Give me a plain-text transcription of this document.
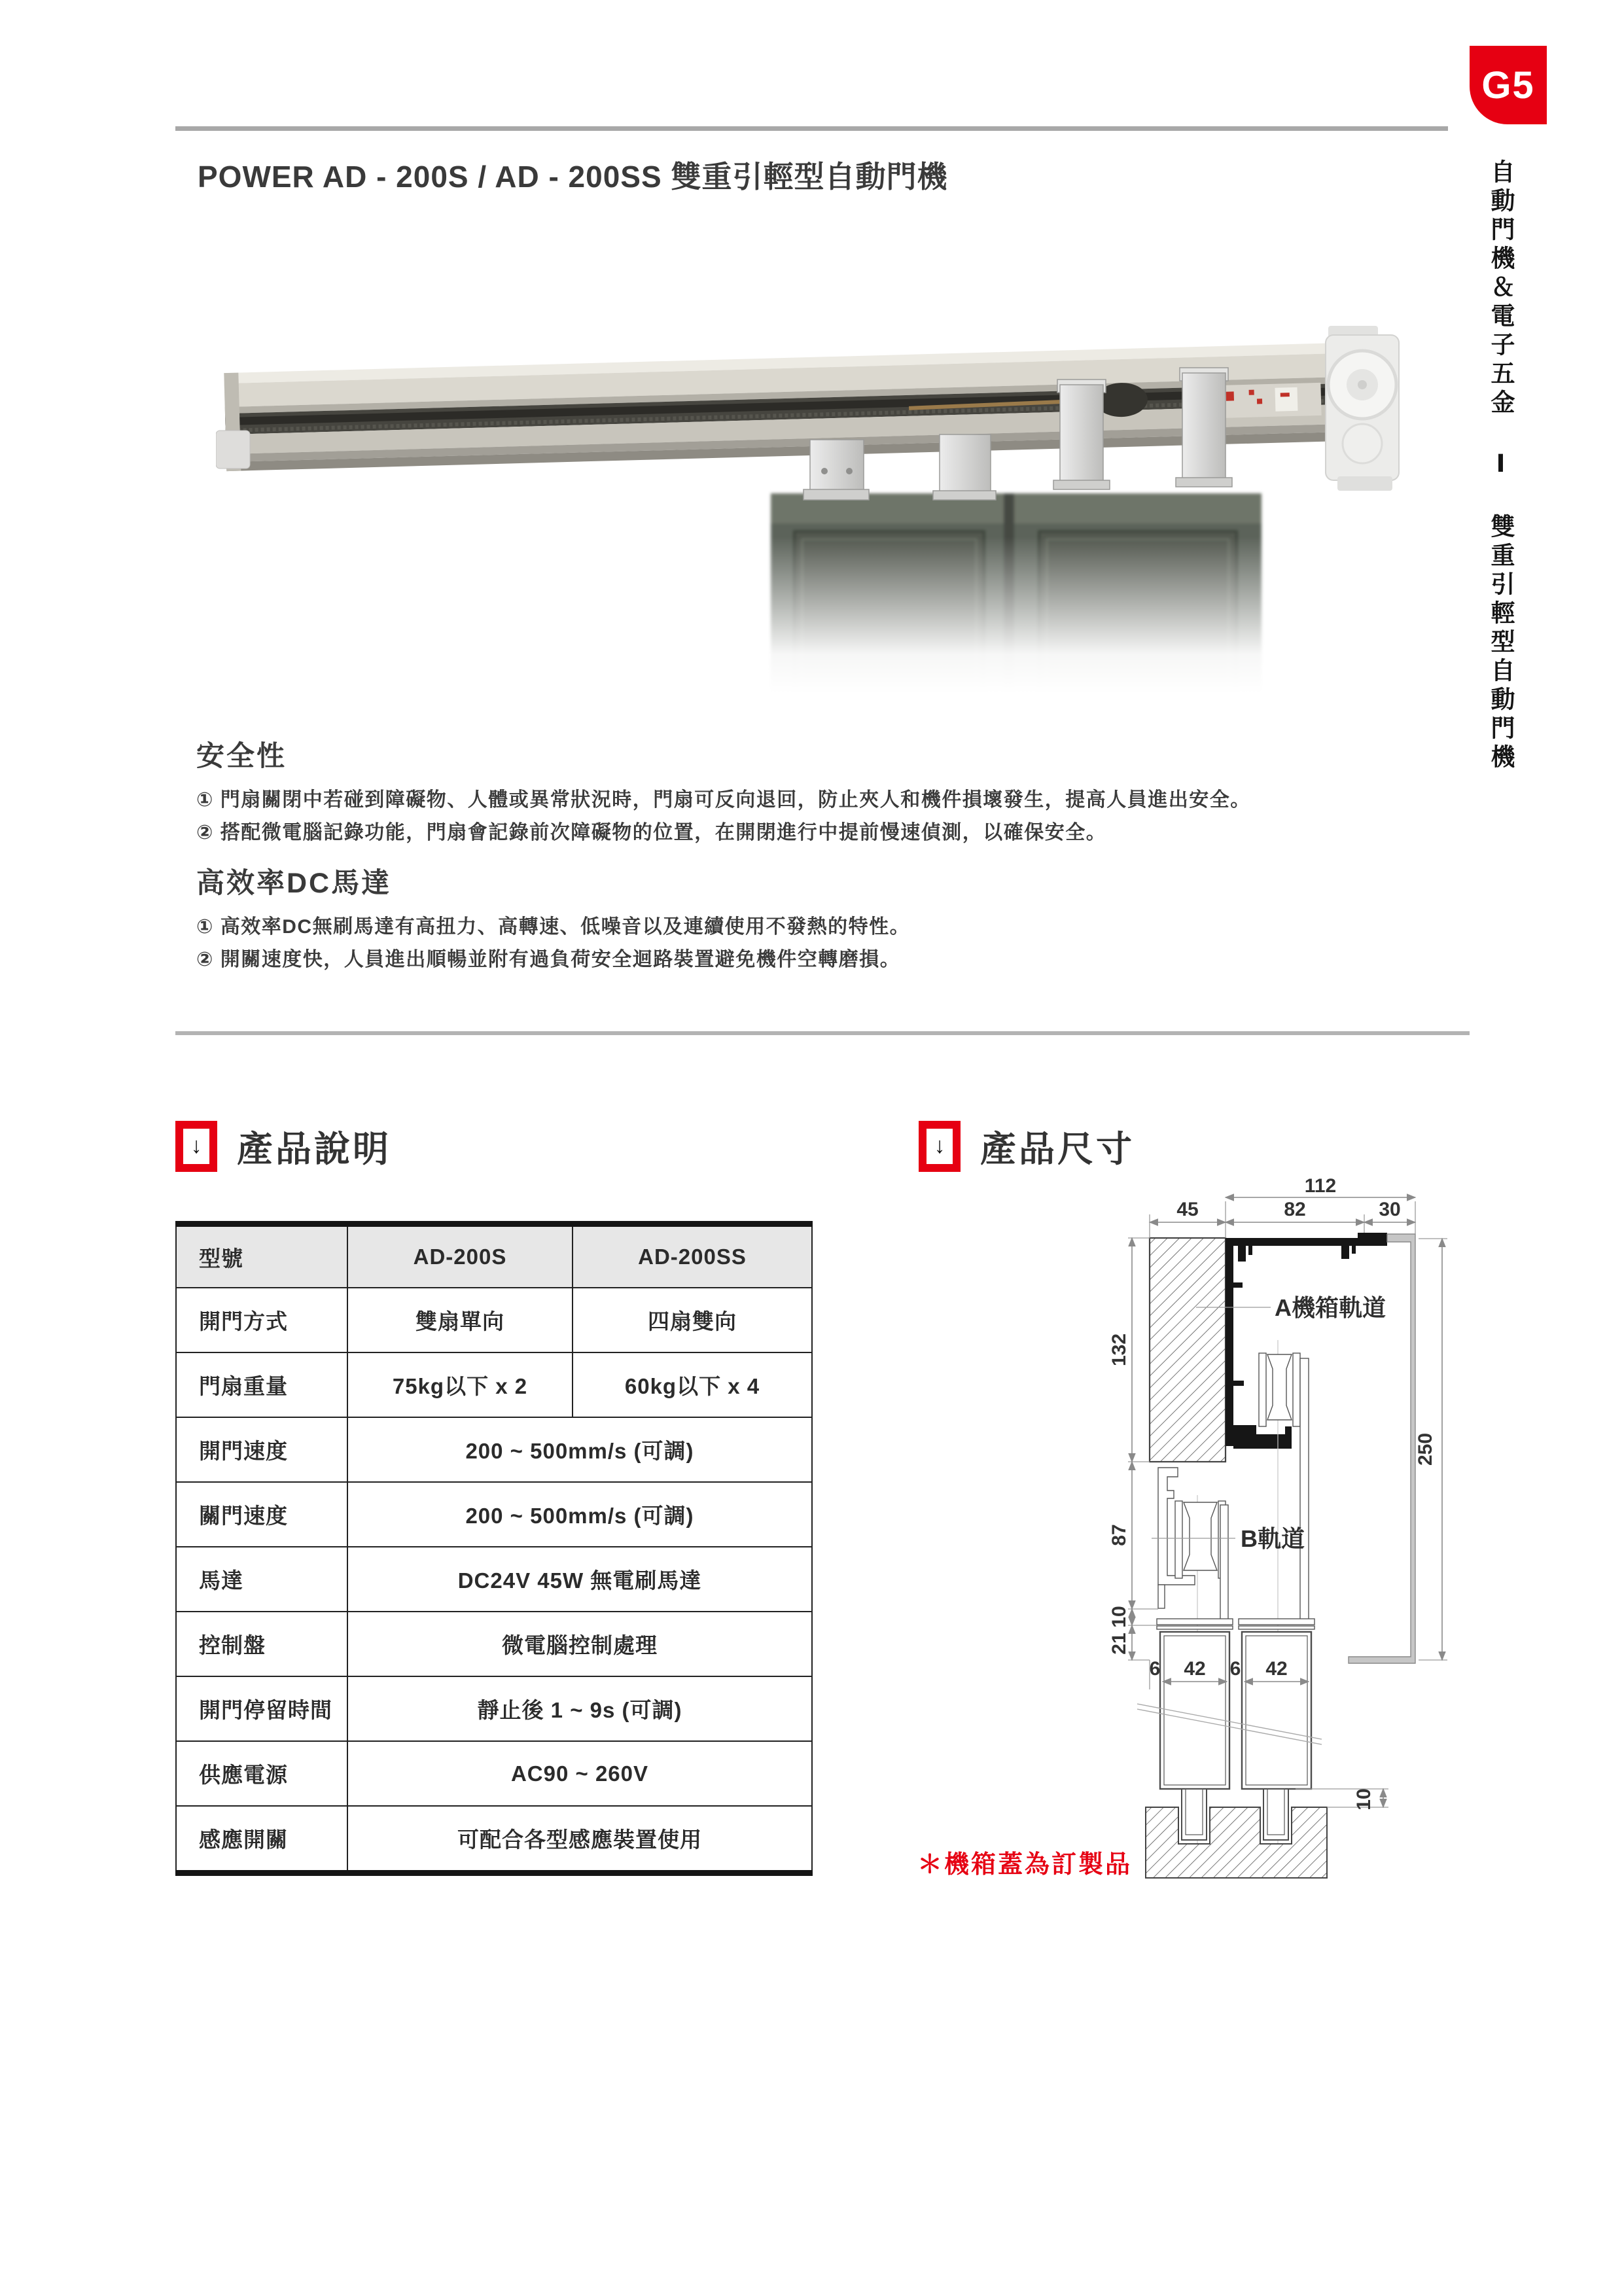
G5
自動門機＆電子五金 Ⅰ 雙重引輕型自動門機
POWER AD - 200S / AD - 200SS 雙重引輕型自動門機
安全性

① 門扇關閉中若碰到障礙物、人體或異常狀況時，門扇可反向退回，防止夾人和機件損壞發生，提高人員進出安全。

② 搭配微電腦記錄功能，門扇會記錄前次障礙物的位置，在開閉進行中提前慢速偵測，以確保安全。

高效率DC馬達

① 高效率DC無刷馬達有高扭力、高轉速、低噪音以及連續使用不發熱的特性。

② 開關速度快，人員進出順暢並附有過負荷安全迴路裝置避免機件空轉磨損。

↓ 產品說明
型號	AD-200S	AD-200SS
開門方式	雙扇單向	四扇雙向
門扇重量	75kg以下 x 2	60kg以下 x 4
開門速度	200 ~ 500mm/s (可調)	
關門速度	200 ~ 500mm/s (可調)	
馬達	DC24V 45W 無電刷馬達	
控制盤	微電腦控制處理	
開門停留時間	靜止後 1 ~ 9s (可調)	
供應電源	AC90 ~ 260V	
感應開關	可配合各型感應裝置使用	
↓ 產品尺寸
112
45	82	30
132
87
10
21
250
10
6 42 6 42
A機箱軌道
B軌道
＊機箱蓋為訂製品
